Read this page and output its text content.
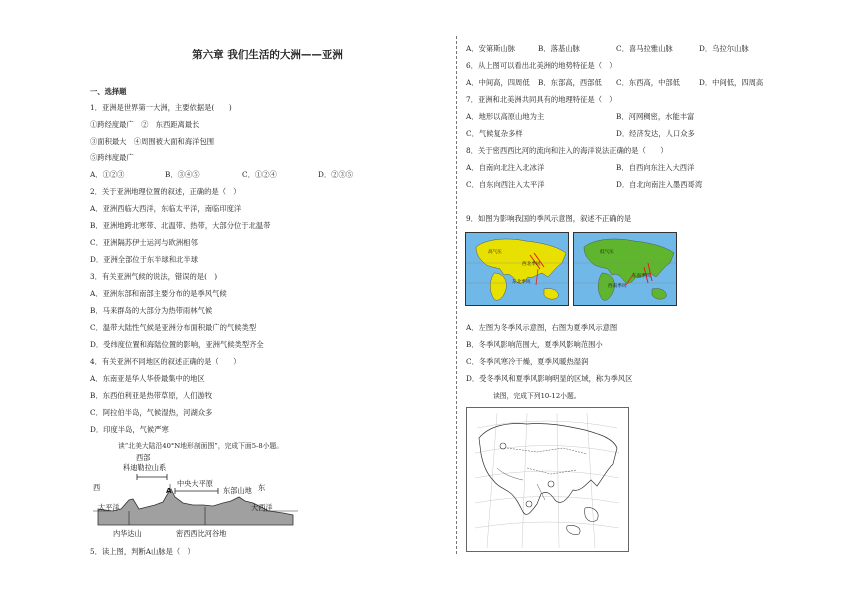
第六章 我们生活的大洲——亚洲
一、选择题
1．亚洲是世界第一大洲，主要依据是(　　)
①跨经度最广　②　东西距离最长
③面积最大　④周围被大面和海洋包围
⑤跨纬度最广
A．①②③	B．③④⑤	C．①②④	D．②③⑤
2．关于亚洲地理位置的叙述，正确的是（　）
A．亚洲西临大西洋，东临太平洋，南临印度洋
B．亚洲地跨北寒带、北温带、热带，大部分位于北温带
C．亚洲隔苏伊士运河与欧洲相邻
D．亚洲全部位于东半球和北半球
3．有关亚洲气候的说法，错误的是(　)
A．亚洲东部和南部主要分布的是季风气候
B．马来群岛的大部分为热带雨林气候
C．温带大陆性气候是亚洲分布面积最广的气候类型
D．受纬度位置和海陆位置的影响，亚洲气候类型齐全
4．有关亚洲不同地区的叙述正确的是（　　）
A．东南亚是华人华侨最集中的地区
B．东西伯利亚是热带草原，人们游牧
C．阿拉伯半岛，气候湿热，河湖众多
D．印度半岛，气候严寒
读“北美大陆沿40°N地形剖面图”，完成下面5-8小题。
西部
科迪勒拉山系
西	东
A
中央大平原
东部山地
太平洋	大西洋
内华达山	密西西比河谷地
5．读上图，判断A山脉是（　）
A．安第斯山脉	B．落基山脉	C．喜马拉雅山脉	D．乌拉尔山脉
6．从上图可以看出北美洲的地势特征是（　）
A．中间高，四周低 B．东部高，西部低 C．东西高，中部低	D．中间低，四周高
7．亚洲和北美洲共同具有的地理特征是（　）
A．地形以高原山地为主	B．河网稠密，水能丰富
C．气候复杂多样	D．经济发达，人口众多
8．关于密西西比河的流向和注入的海洋说法正确的是（　　）
A．自南向北注入北冰洋	B．自西向东注入大西洋
C．自东向西注入太平洋	D．自北向南注入墨西哥湾
9．如图为影响我国的季风示意图，叙述不正确的是
高气压
西北季风
东北季风
低气压
东南季风
西南季风
A．左图为冬季风示意图，右图为夏季风示意图
B．冬季风影响范围大，夏季风影响范围小
C．冬季风寒冷干燥，夏季风暖热湿润
D．受冬季风和夏季风影响明显的区域，称为季风区
读图，完成下列10-12小题。
